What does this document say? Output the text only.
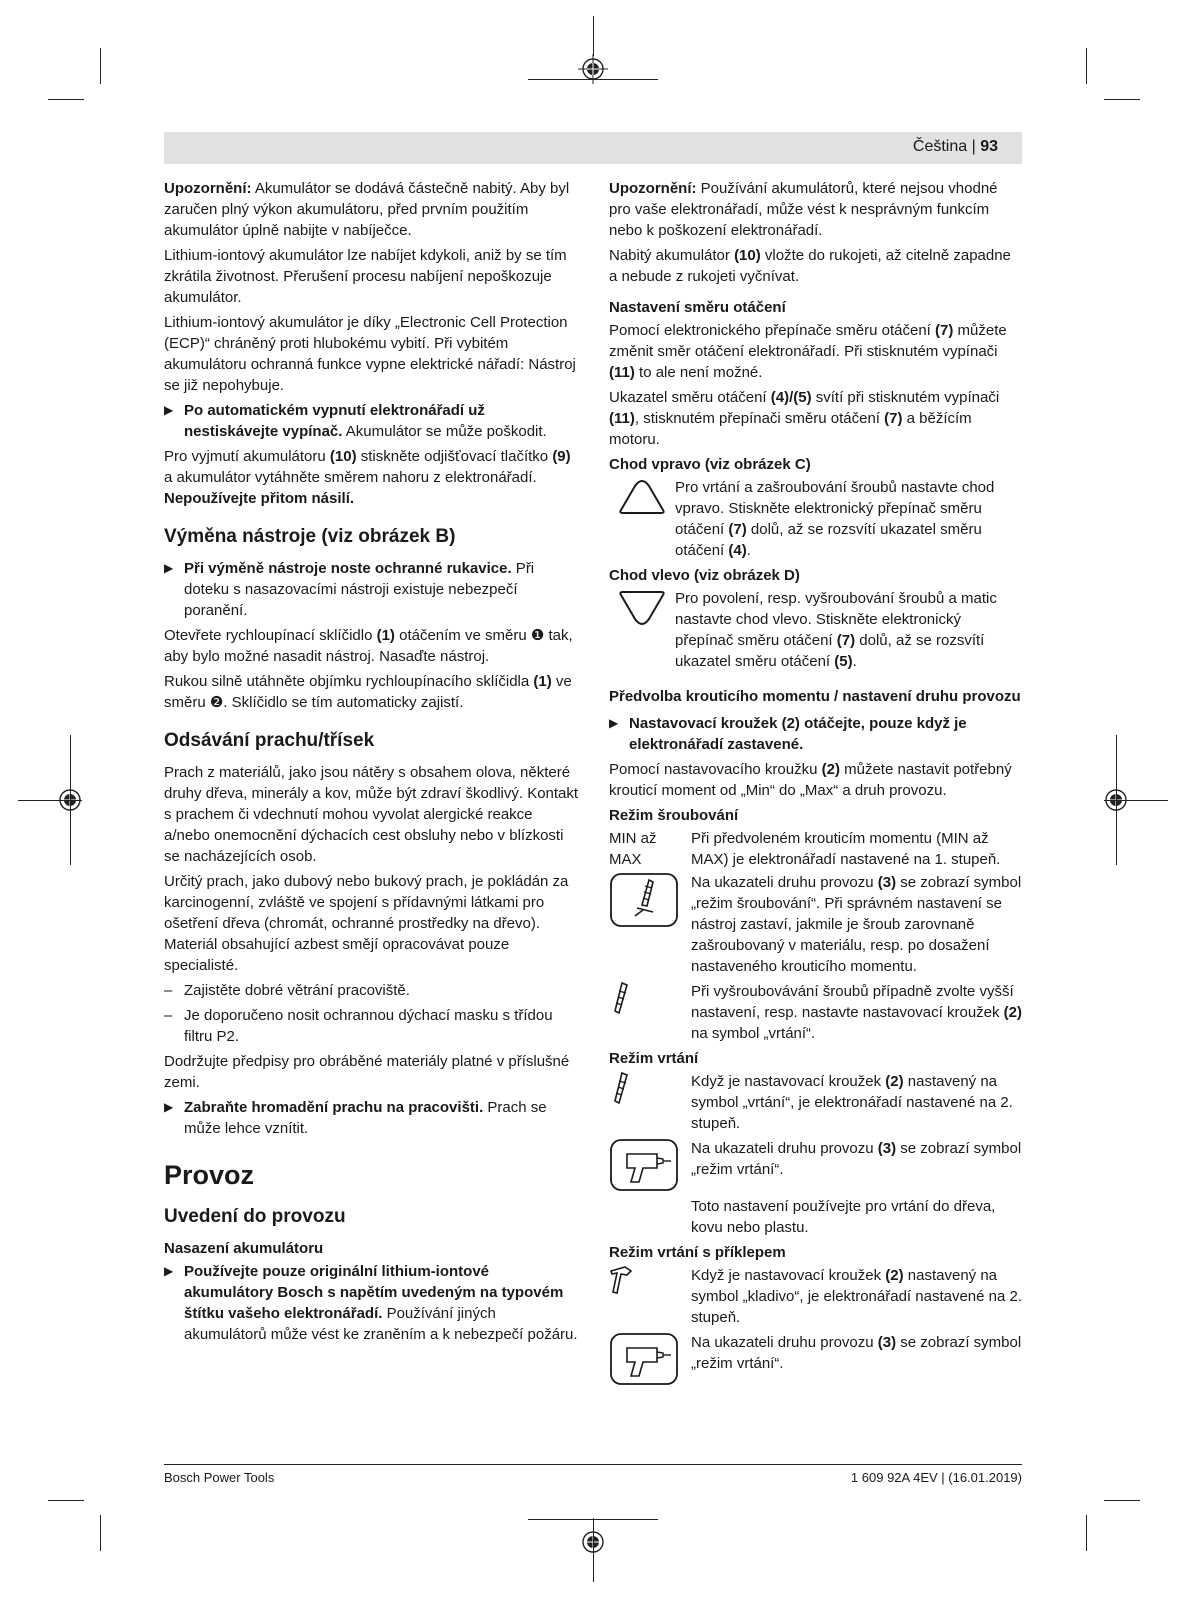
Čeština | 93

Upozornění: Akumulátor se dodává částečně nabitý. Aby byl zaručen plný výkon akumulátoru, před prvním použitím akumulátor úplně nabijte v nabíječce.

Lithium-iontový akumulátor lze nabíjet kdykoli, aniž by se tím zkrátila životnost. Přerušení procesu nabíjení nepoškozuje akumulátor.

Lithium-iontový akumulátor je díky „Electronic Cell Protection (ECP)“ chráněný proti hlubokému vybití. Při vybitém akumulátoru ochranná funkce vypne elektrické nářadí: Nástroj se již nepohybuje.

▶ Po automatickém vypnutí elektronářadí už nestiskávejte vypínač. Akumulátor se může poškodit.

Pro vyjmutí akumulátoru (10) stiskněte odjišťovací tlačítko (9) a akumulátor vytáhněte směrem nahoru z elektronářadí. Nepoužívejte přitom násilí.

Výměna nástroje (viz obrázek B)

▶ Při výměně nástroje noste ochranné rukavice. Při doteku s nasazovacími nástroji existuje nebezpečí poranění.

Otevřete rychloupínací sklíčidlo (1) otáčením ve směru ❶ tak, aby bylo možné nasadit nástroj. Nasaďte nástroj.

Rukou silně utáhněte objímku rychloupínacího sklíčidla (1) ve směru ❷. Sklíčidlo se tím automaticky zajistí.

Odsávání prachu/třísek

Prach z materiálů, jako jsou nátěry s obsahem olova, některé druhy dřeva, minerály a kov, může být zdraví škodlivý. Kontakt s prachem či vdechnutí mohou vyvolat alergické reakce a/nebo onemocnění dýchacích cest obsluhy nebo v blízkosti se nacházejících osob.

Určitý prach, jako dubový nebo bukový prach, je pokládán za karcinogenní, zvláště ve spojení s přídavnými látkami pro ošetření dřeva (chromát, ochranné prostředky na dřevo). Materiál obsahující azbest smějí opracovávat pouze specialisté.

– Zajistěte dobré větrání pracoviště.

– Je doporučeno nosit ochrannou dýchací masku s třídou filtru P2.

Dodržujte předpisy pro obráběné materiály platné v příslušné zemi.

▶ Zabraňte hromadění prachu na pracovišti. Prach se může lehce vznítit.

Provoz
Uvedení do provozu
Nasazení akumulátoru

▶ Používejte pouze originální lithium-iontové akumulátory Bosch s napětím uvedeným na typovém štítku vašeho elektronářadí. Používání jiných akumulátorů může vést ke zraněním a k nebezpečí požáru.

Upozornění: Používání akumulátorů, které nejsou vhodné pro vaše elektronářadí, může vést k nesprávným funkcím nebo k poškození elektronářadí.

Nabitý akumulátor (10) vložte do rukojeti, až citelně zapadne a nebude z rukojeti vyčnívat.

Nastavení směru otáčení

Pomocí elektronického přepínače směru otáčení (7) můžete změnit směr otáčení elektronářadí. Při stisknutém vypínači (11) to ale není možné.

Ukazatel směru otáčení (4)/(5) svítí při stisknutém vypínači (11), stisknutém přepínači směru otáčení (7) a běžícím motoru.

Chod vpravo (viz obrázek C)
Pro vrtání a zašroubování šroubů nastavte chod vpravo. Stiskněte elektronický přepínač směru otáčení (7) dolů, až se rozsvítí ukazatel směru otáčení (4).
Chod vlevo (viz obrázek D)
Pro povolení, resp. vyšroubování šroubů a matic nastavte chod vlevo. Stiskněte elektronický přepínač směru otáčení (7) dolů, až se rozsvítí ukazatel směru otáčení (5).
Předvolba krouticího momentu / nastavení druhu provozu

▶ Nastavovací kroužek (2) otáčejte, pouze když je elektronářadí zastavené.

Pomocí nastavovacího kroužku (2) můžete nastavit potřebný krouticí moment od „Min“ do „Max“ a druh provozu.

Režim šroubování
MIN až MAX
Při předvoleném krouticím momentu (MIN až MAX) je elektronářadí nastavené na 1. stupeň.
Na ukazateli druhu provozu (3) se zobrazí symbol „režim šroubování“. Při správném nastavení se nástroj zastaví, jakmile je šroub zarovnaně zašroubovaný v materiálu, resp. po dosažení nastaveného krouticího momentu.
Při vyšroubovávání šroubů případně zvolte vyšší nastavení, resp. nastavte nastavovací kroužek (2) na symbol „vrtání“.
Režim vrtání
Když je nastavovací kroužek (2) nastavený na symbol „vrtání“, je elektronářadí nastavené na 2. stupeň.
Na ukazateli druhu provozu (3) se zobrazí symbol „režim vrtání“.

Toto nastavení používejte pro vrtání do dřeva, kovu nebo plastu.

Režim vrtání s příklepem
Když je nastavovací kroužek (2) nastavený na symbol „kladivo“, je elektronářadí nastavené na 2. stupeň.
Na ukazateli druhu provozu (3) se zobrazí symbol „režim vrtání“.
Bosch Power Tools	1 609 92A 4EV | (16.01.2019)
